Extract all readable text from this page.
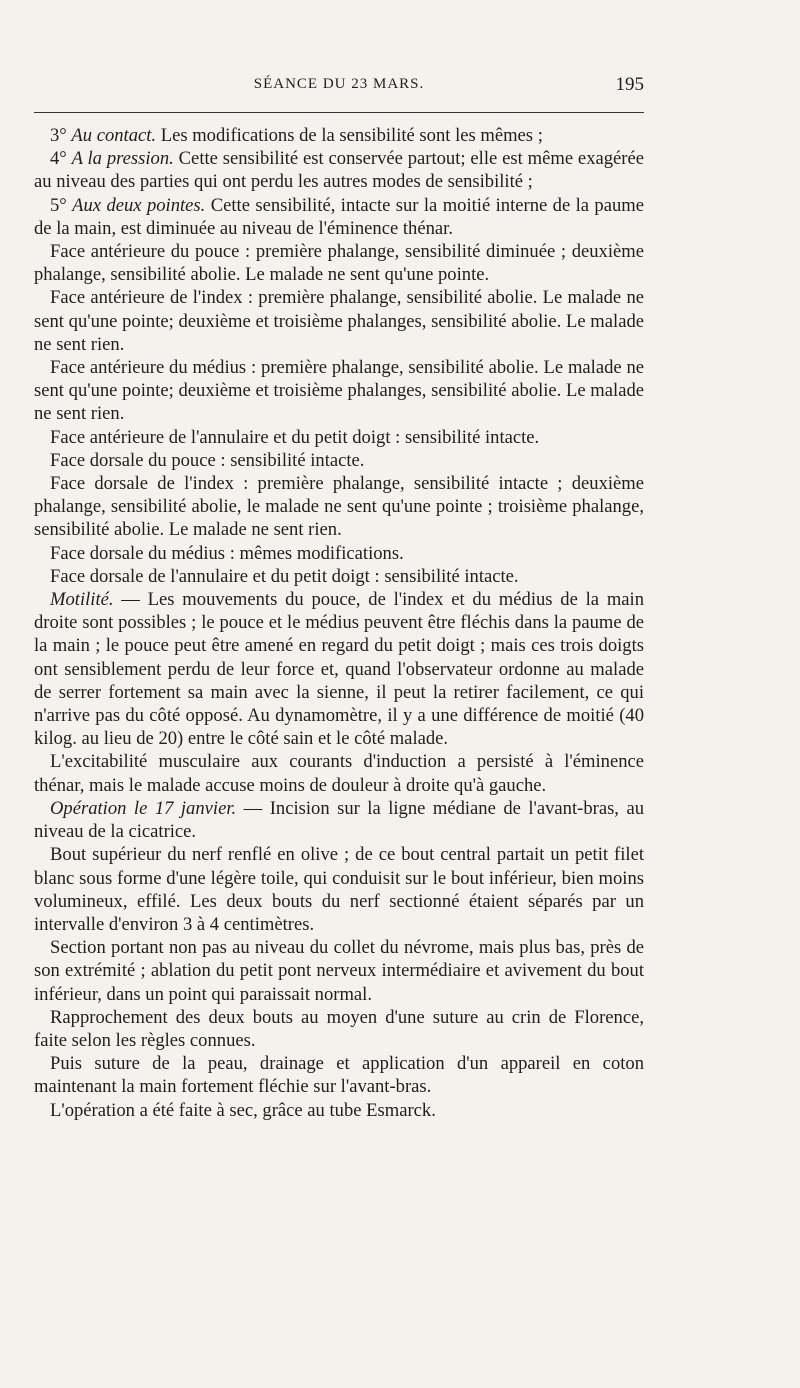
SÉANCE DU 23 MARS.	195

3° Au contact. Les modifications de la sensibilité sont les mêmes ;

4° A la pression. Cette sensibilité est conservée partout; elle est même exagérée au niveau des parties qui ont perdu les autres modes de sensibilité ;

5° Aux deux pointes. Cette sensibilité, intacte sur la moitié interne de la paume de la main, est diminuée au niveau de l'éminence thénar.

Face antérieure du pouce : première phalange, sensibilité diminuée ; deuxième phalange, sensibilité abolie. Le malade ne sent qu'une pointe.

Face antérieure de l'index : première phalange, sensibilité abolie. Le malade ne sent qu'une pointe; deuxième et troisième phalanges, sensibilité abolie. Le malade ne sent rien.

Face antérieure du médius : première phalange, sensibilité abolie. Le malade ne sent qu'une pointe; deuxième et troisième phalanges, sensibilité abolie. Le malade ne sent rien.

Face antérieure de l'annulaire et du petit doigt : sensibilité intacte.

Face dorsale du pouce : sensibilité intacte.

Face dorsale de l'index : première phalange, sensibilité intacte ; deuxième phalange, sensibilité abolie, le malade ne sent qu'une pointe ; troisième phalange, sensibilité abolie. Le malade ne sent rien.

Face dorsale du médius : mêmes modifications.

Face dorsale de l'annulaire et du petit doigt : sensibilité intacte.

Motilité. — Les mouvements du pouce, de l'index et du médius de la main droite sont possibles ; le pouce et le médius peuvent être fléchis dans la paume de la main ; le pouce peut être amené en regard du petit doigt ; mais ces trois doigts ont sensiblement perdu de leur force et, quand l'observateur ordonne au malade de serrer fortement sa main avec la sienne, il peut la retirer facilement, ce qui n'arrive pas du côté opposé. Au dynamomètre, il y a une différence de moitié (40 kilog. au lieu de 20) entre le côté sain et le côté malade.

L'excitabilité musculaire aux courants d'induction a persisté à l'éminence thénar, mais le malade accuse moins de douleur à droite qu'à gauche.

Opération le 17 janvier. — Incision sur la ligne médiane de l'avant-bras, au niveau de la cicatrice.

Bout supérieur du nerf renflé en olive ; de ce bout central partait un petit filet blanc sous forme d'une légère toile, qui conduisit sur le bout inférieur, bien moins volumineux, effilé. Les deux bouts du nerf sectionné étaient séparés par un intervalle d'environ 3 à 4 centimètres.

Section portant non pas au niveau du collet du névrome, mais plus bas, près de son extrémité ; ablation du petit pont nerveux intermédiaire et avivement du bout inférieur, dans un point qui paraissait normal.

Rapprochement des deux bouts au moyen d'une suture au crin de Florence, faite selon les règles connues.

Puis suture de la peau, drainage et application d'un appareil en coton maintenant la main fortement fléchie sur l'avant-bras.

L'opération a été faite à sec, grâce au tube Esmarck.
